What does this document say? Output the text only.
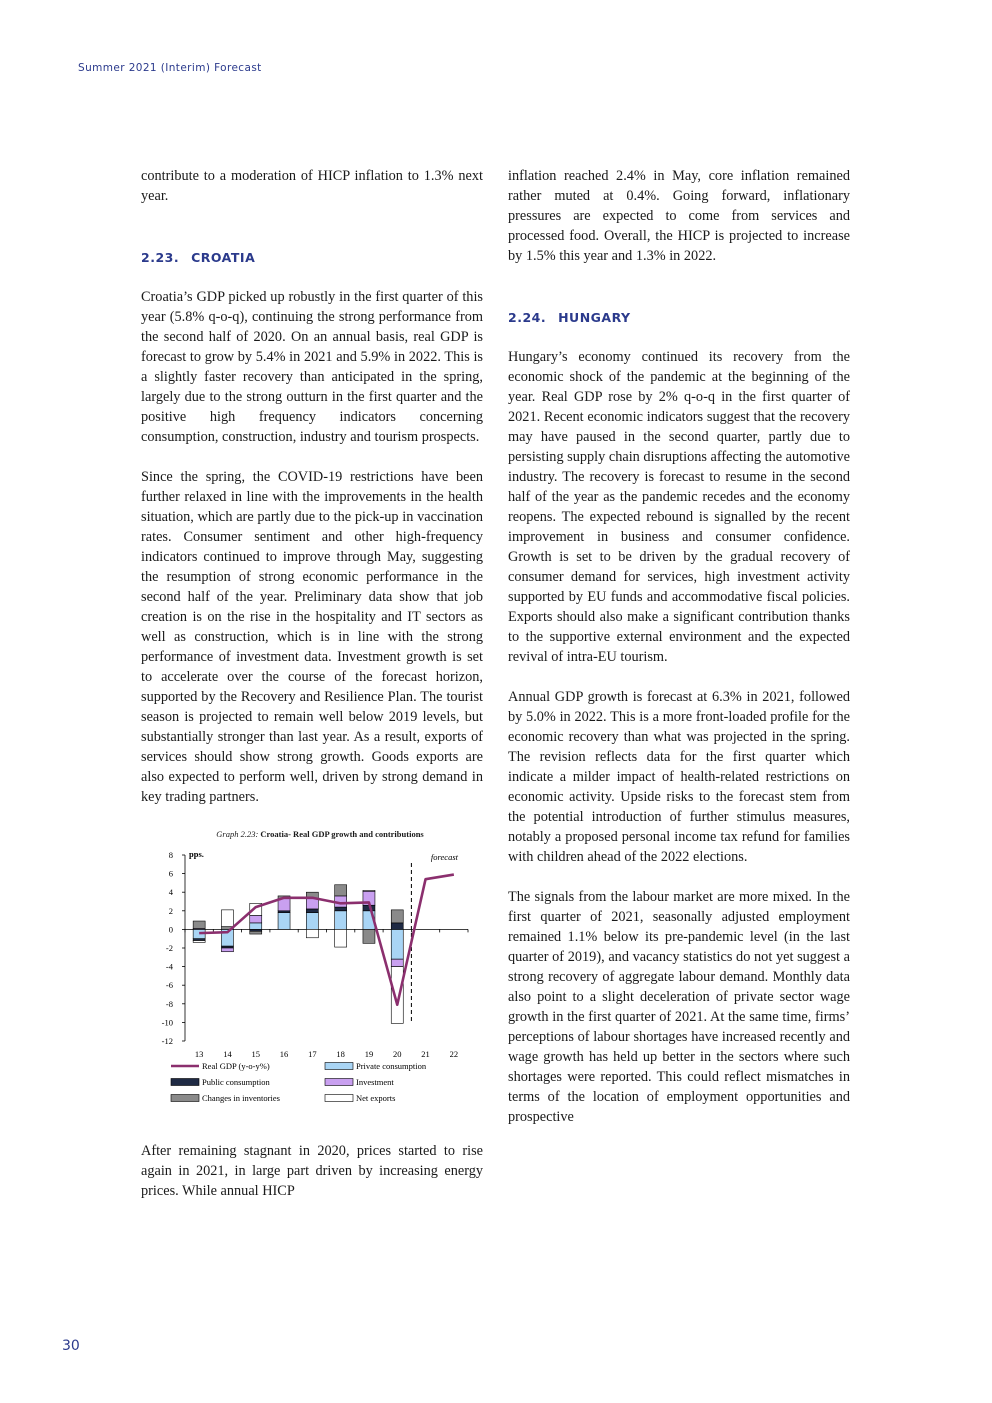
Summer 2021 (Interim) Forecast

contribute to a moderation of HICP inflation to 1.3% next year.

2.23. CROATIA

Croatia’s GDP picked up robustly in the first quarter of this year (5.8% q-o-q), continuing the strong performance from the second half of 2020. On an annual basis, real GDP is forecast to grow by 5.4% in 2021 and 5.9% in 2022. This is a slightly faster recovery than anticipated in the spring, largely due to the strong outturn in the first quarter and the positive high frequency indicators concerning consumption, construction, industry and tourism prospects.

Since the spring, the COVID-19 restrictions have been further relaxed in line with the improvements in the health situation, which are partly due to the pick-up in vaccination rates. Consumer sentiment and other high-frequency indicators continued to improve through May, suggesting the resumption of strong economic performance in the second half of the year. Preliminary data show that job creation is on the rise in the hospitality and IT sectors as well as construction, which is in line with the strong performance of investment data. Investment growth is set to accelerate over the course of the forecast horizon, supported by the Recovery and Resilience Plan. The tourist season is projected to remain well below 2019 levels, but substantially stronger than last year. As a result, exports of services should show strong growth. Goods exports are also expected to perform well, driven by strong demand in key trading partners.

Graph 2.23: Croatia- Real GDP growth and contributions

8
6
4
2
0
-2
-4
-6
-8
-10
-12
13 14 15 16 17 18 19 20 21 22
pps.	forecast
Real GDP (y-o-y%)	Private consumption
Public consumption	Investment
Changes in inventories	Net exports

After remaining stagnant in 2020, prices started to rise again in 2021, in large part driven by increasing energy prices. While annual HICP

inflation reached 2.4% in May, core inflation remained rather muted at 0.4%. Going forward, inflationary pressures are expected to come from services and processed food. Overall, the HICP is projected to increase by 1.5% this year and 1.3% in 2022.

2.24. HUNGARY

Hungary’s economy continued its recovery from the economic shock of the pandemic at the beginning of the year. Real GDP rose by 2% q-o-q in the first quarter of 2021. Recent economic indicators suggest that the recovery may have paused in the second quarter, partly due to persisting supply chain disruptions affecting the automotive industry. The recovery is forecast to resume in the second half of the year as the pandemic recedes and the economy reopens. The expected rebound is signalled by the recent improvement in business and consumer confidence. Growth is set to be driven by the gradual recovery of consumer demand for services, high investment activity supported by EU funds and accommodative fiscal policies. Exports should also make a significant contribution thanks to the supportive external environment and the expected revival of intra-EU tourism.

Annual GDP growth is forecast at 6.3% in 2021, followed by 5.0% in 2022. This is a more front-loaded profile for the economic recovery than what was projected in the spring. The revision reflects data for the first quarter which indicate a milder impact of health-related restrictions on economic activity. Upside risks to the forecast stem from the potential introduction of further stimulus measures, notably a proposed personal income tax refund for families with children ahead of the 2022 elections.

The signals from the labour market are more mixed. In the first quarter of 2021, seasonally adjusted employment remained 1.1% below its pre-pandemic level (in the last quarter of 2019), and vacancy statistics do not yet suggest a strong recovery of aggregate labour demand. Monthly data also point to a slight deceleration of private sector wage growth in the first quarter of 2021. At the same time, firms’ perceptions of labour shortages have increased recently and wage growth has held up better in the sectors where such shortages were reported. This could reflect mismatches in terms of the location of employment opportunities and prospective

30
